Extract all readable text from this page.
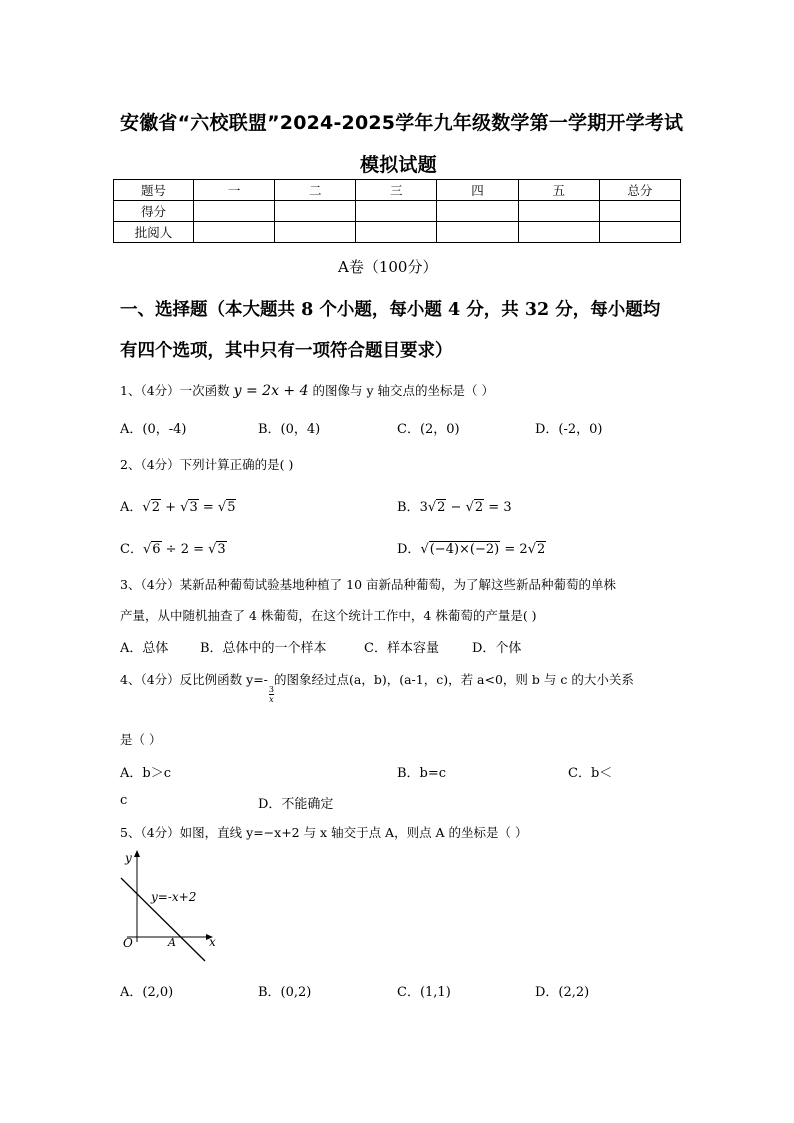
安徽省“六校联盟”2024-2025学年九年级数学第一学期开学考试
模拟试题
题号	一	二	三	四	五	总分
得分						
批阅人						
A卷（100分）
一、选择题（本大题共 8 个小题，每小题 4 分，共 32 分，每小题均
有四个选项，其中只有一项符合题目要求）
1、（4分）一次函数 y = 2x + 4 的图像与 y 轴交点的坐标是（ ）
A．(0，-4)	B．(0，4)	C．(2，0)	D．(-2，0)
2、（4分）下列计算正确的是( )
A．√2 + √3 = √5	B．3√2 − √2 = 3
C．√6 ÷ 2 = √3	D．√(−4)×(−2) = 2√2
3、（4分）某新品种葡萄试验基地种植了 10 亩新品种葡萄，为了解这些新品种葡萄的单株
产量，从中随机抽查了 4 株葡萄，在这个统计工作中，4 株葡萄的产量是( )
A．总体 B．总体中的一个样本	C．样本容量	D．个体
4、（4分）反比例函数 y=-
$\frac{3}{x}$
的图象经过点(a，b)，(a-1，c)，若 a<0，则 b 与 c 的大小关系
是（ ）
A．b＞c	B．b=c	C．b＜
c	D．不能确定
5、（4分）如图，直线 y=−x+2 与 x 轴交于点 A，则点 A 的坐标是（ ）
y
x
O	A
y=-x+2
A．(2,0)	B．(0,2)	C．(1,1)	D．(2,2)
